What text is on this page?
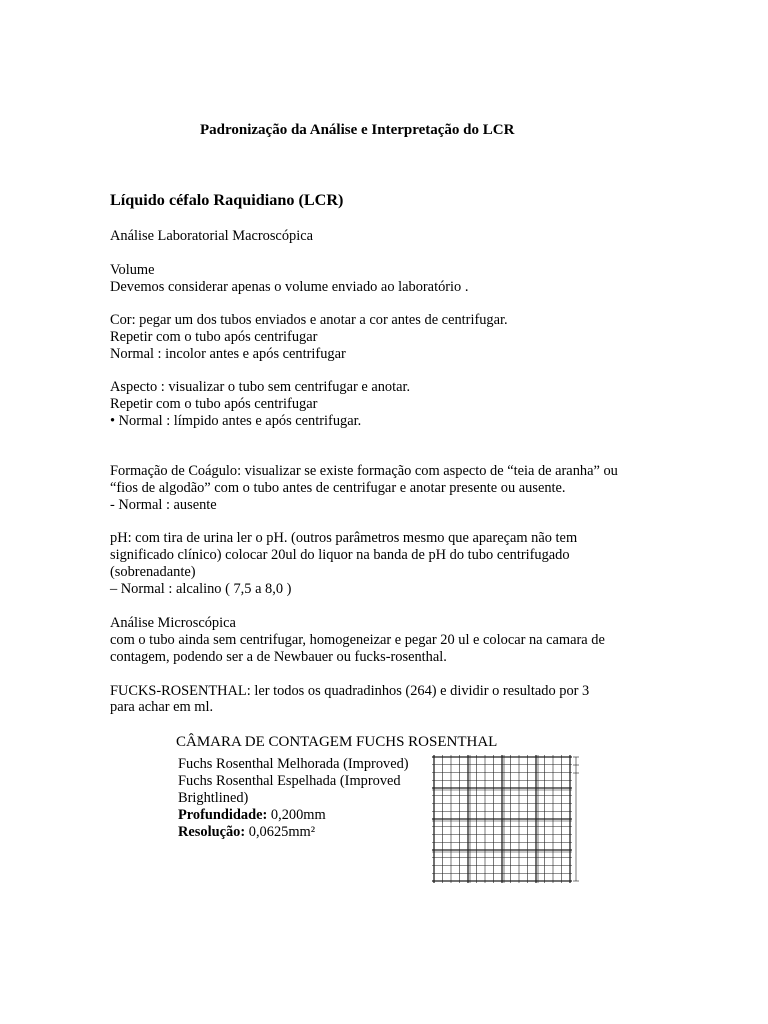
Padronização da Análise e Interpretação do LCR

Líquido céfalo Raquidiano (LCR)

Análise Laboratorial Macroscópica

Volume

Devemos considerar apenas o volume enviado ao laboratório .

Cor: pegar um dos tubos enviados e anotar a cor antes de centrifugar.

Repetir com o tubo após centrifugar

Normal : incolor antes e após centrifugar

Aspecto : visualizar o tubo sem centrifugar e anotar.

Repetir com o tubo após centrifugar

• Normal : límpido antes e após centrifugar.

Formação de Coágulo: visualizar se existe formação com aspecto de “teia de aranha” ou

“fios de algodão” com o tubo antes de centrifugar e anotar presente ou ausente.

- Normal : ausente

pH: com tira de urina ler o pH. (outros parâmetros mesmo que apareçam não tem

significado clínico) colocar 20ul do liquor na banda de pH do tubo centrifugado

(sobrenadante)

– Normal : alcalino ( 7,5 a 8,0 )

Análise Microscópica

com o tubo ainda sem centrifugar, homogeneizar e pegar 20 ul e colocar na camara de

contagem, podendo ser a de Newbauer ou fucks-rosenthal.

FUCKS-ROSENTHAL: ler todos os quadradinhos (264) e dividir o resultado por 3

para achar em ml.

CÂMARA DE CONTAGEM FUCHS ROSENTHAL

Fuchs Rosenthal Melhorada (Improved)

Fuchs Rosenthal Espelhada (Improved

Brightlined)

Profundidade: 0,200mm

Resolução: 0,0625mm²
